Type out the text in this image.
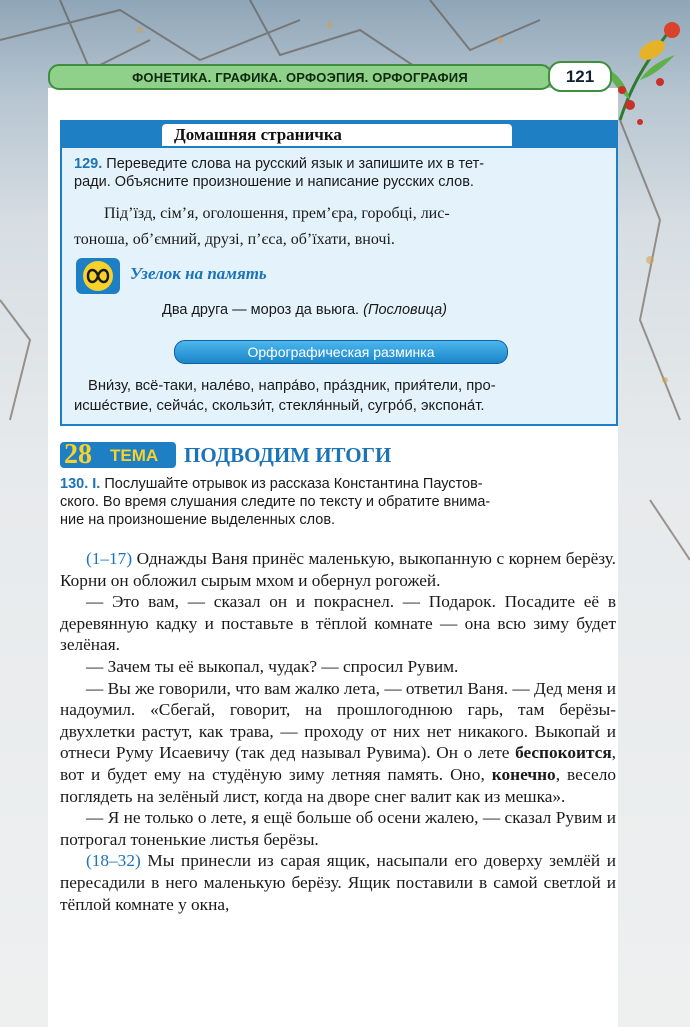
ФОНЕТИКА. ГРАФИКА. ОРФОЭПИЯ. ОРФОГРАФИЯ	121
Домашняя страничка
129. Переведите слова на русский язык и запишите их в тет-
ради. Объясните произношение и написание русских слов.
Під’їзд, сім’я, оголошення, прем’єра, горобці, лис-
тоноша, об’ємний, друзі, п’єса, об’їхати, вночі.
Узелок на память
Два друга — мороз да вьюга. (Пословица)
Орфографическая разминка
Вни́зу, всё-таки, нале́во, напра́во, пра́здник, прия́тели, про-
исше́ствие, сейча́с, скользи́т, стекля́нный, сугро́б, экспона́т.
28 ТЕМА ПОДВОДИМ ИТОГИ
130. I. Послушайте отрывок из рассказа Константина Паустов-
ского. Во время слушания следите по тексту и обратите внима-
ние на произношение выделенных слов.

(1–17) Однажды Ваня принёс маленькую, выкопанную с корнем берёзу. Корни он обложил сырым мхом и обернул рогожей.

— Это вам, — сказал он и покраснел. — Подарок. Посадите её в деревянную кадку и поставьте в тёплой комнате — она всю зиму будет зелёная.

— Зачем ты её выкопал, чудак? — спросил Рувим.

— Вы же говорили, что вам жалко лета, — ответил Ваня. — Дед меня и надоумил. «Сбегай, говорит, на прошлогоднюю гарь, там берёзы-двухлетки растут, как трава, — проходу от них нет никакого. Выкопай и отнеси Руму Исаевичу (так дед называл Рувима). Он о лете беспокоится, вот и будет ему на студёную зиму летняя память. Оно, конечно, весело поглядеть на зелёный лист, когда на дворе снег валит как из мешка».

— Я не только о лете, я ещё больше об осени жалею, — сказал Рувим и потрогал тоненькие листья берёзы.

(18–32) Мы принесли из сарая ящик, насыпали его доверху землёй и пересадили в него маленькую берёзу. Ящик поставили в самой светлой и тёплой комнате у окна,
